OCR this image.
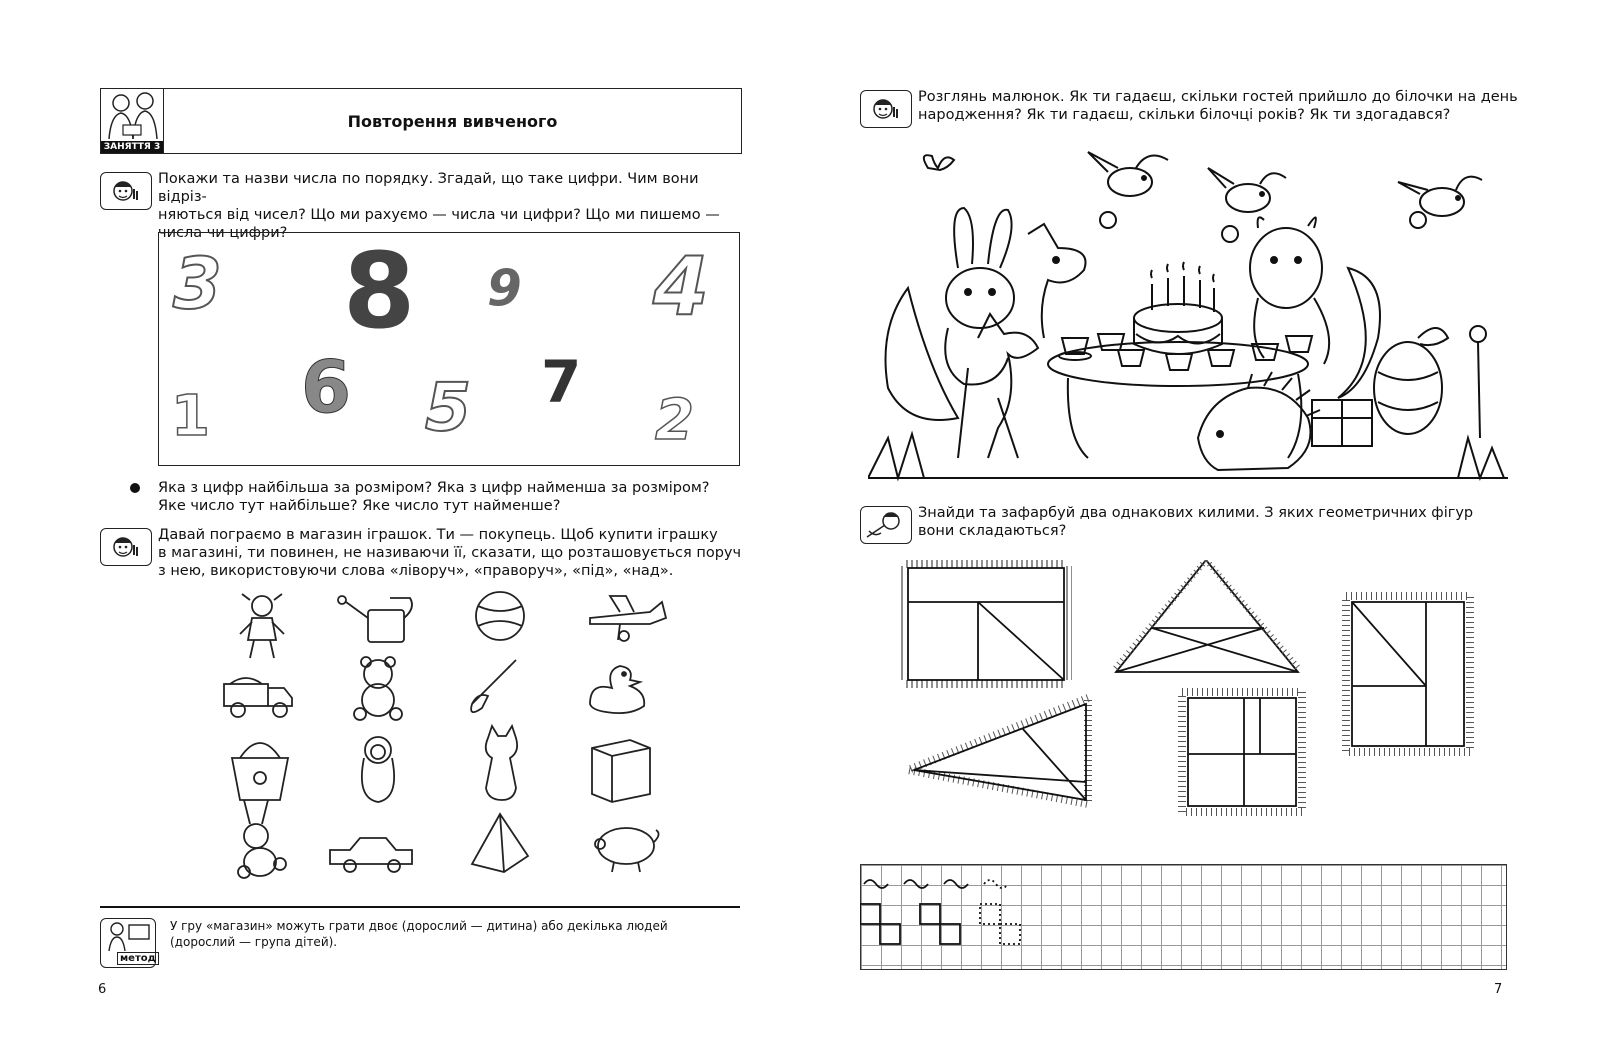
ЗАНЯТТЯ 3
Повторення вивченого
Покажи та назви числа по порядку. Згадай, що таке цифри. Чим вони відріз-
няються від чисел? Що ми рахуємо — числа чи цифри? Що ми пишемо —
числа чи цифри?
3 8 9 4
6	7
1	5	2
Яка з цифр найбільша за розміром? Яка з цифр найменша за розміром?
Яке число тут найбільше? Яке число тут найменше?
Давай пограємо в магазин іграшок. Ти — покупець. Щоб купити іграшку
в магазині, ти повинен, не називаючи її, сказати, що розташовується поруч
з нею, використовуючи слова «ліворуч», «праворуч», «під», «над».
метод
У гру «магазин» можуть грати двоє (дорослий — дитина) або декілька людей
(дорослий — група дітей).
6
Розглянь малюнок. Як ти гадаєш, скільки гостей прийшло до білочки на день
народження? Як ти гадаєш, скільки білочці років? Як ти здогадався?
Знайди та зафарбуй два однакових килими. З яких геометричних фігур
вони складаються?
7
